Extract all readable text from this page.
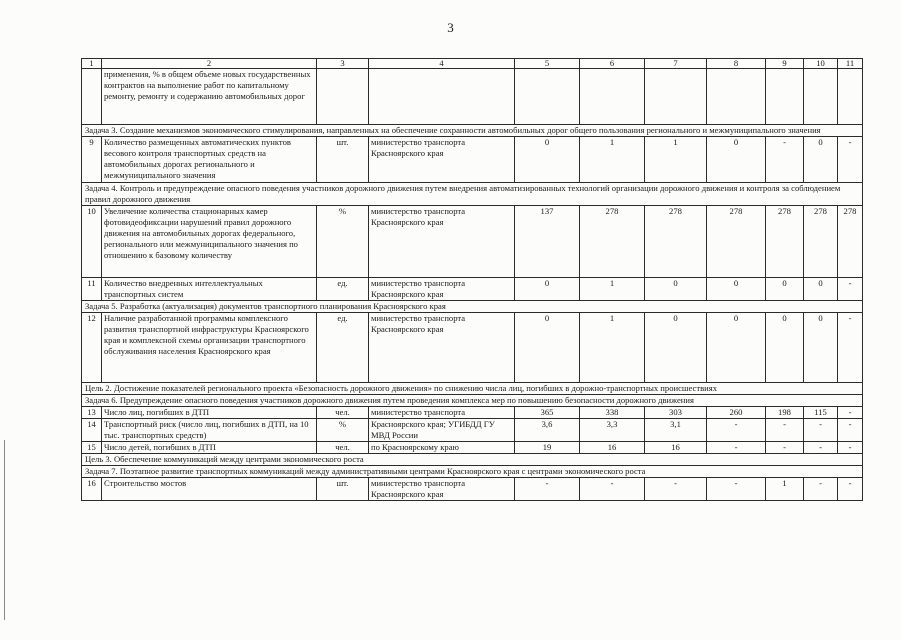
3
1	2	3	4	5	6	7	8	9	10	11
	применения, % в общем объеме новых государственных контрактов на выполнение работ по капитальному ремонту, ремонту и содержанию автомобильных дорог									
Задача 3. Создание механизмов экономического стимулирования, направленных на обеспечение сохранности автомобильных дорог общего пользования регионального и межмуниципального значения										
9	Количество размещенных автоматических пунктов весового контроля транспортных средств на автомобильных дорогах регионального и межмуниципального значения	шт.	министерство транспорта Красноярского края	0	1	1	0	-	0	-
Задача 4. Контроль и предупреждение опасного поведения участников дорожного движения путем внедрения автоматизированных технологий организации дорожного движения и контроля за соблюдением правил дорожного движения										
10	Увеличение количества стационарных камер фотовидеофиксации нарушений правил дорожного движения на автомобильных дорогах федерального, регионального или межмуниципального значения по отношению к базовому количеству	%	министерство транспорта Красноярского края	137	278	278	278	278	278	278
11	Количество внедренных интеллектуальных транспортных систем	ед.	министерство транспорта Красноярского края	0	1	0	0	0	0	-
Задача 5. Разработка (актуализация) документов транспортного планирования Красноярского края										
12	Наличие разработанной программы комплексного развития транспортной инфраструктуры Красноярского края и комплексной схемы организации транспортного обслуживания населения Красноярского края	ед.	министерство транспорта Красноярского края	0	1	0	0	0	0	-
Цель 2. Достижение показателей регионального проекта «Безопасность дорожного движения» по снижению числа лиц, погибших в дорожно-транспортных происшествиях										
Задача 6. Предупреждение опасного поведения участников дорожного движения путем проведения комплекса мер по повышению безопасности дорожного движения										
13	Число лиц, погибших в ДТП	чел.	министерство транспорта	365	338	303	260	198	115	-
14	Транспортный риск (число лиц, погибших в ДТП, на 10 тыс. транспортных средств)	%	Красноярского края; УГИБДД ГУ МВД России	3,6	3,3	3,1	-	-	-	-
15	Число детей, погибших в ДТП	чел.	по Красноярскому краю	19	16	16	-	-	-	-
Цель 3. Обеспечение коммуникаций между центрами экономического роста										
Задача 7. Поэтапное развитие транспортных коммуникаций между административными центрами Красноярского края с центрами экономического роста										
16	Строительство мостов	шт.	министерство транспорта Красноярского края	-	-	-	-	1	-	-
